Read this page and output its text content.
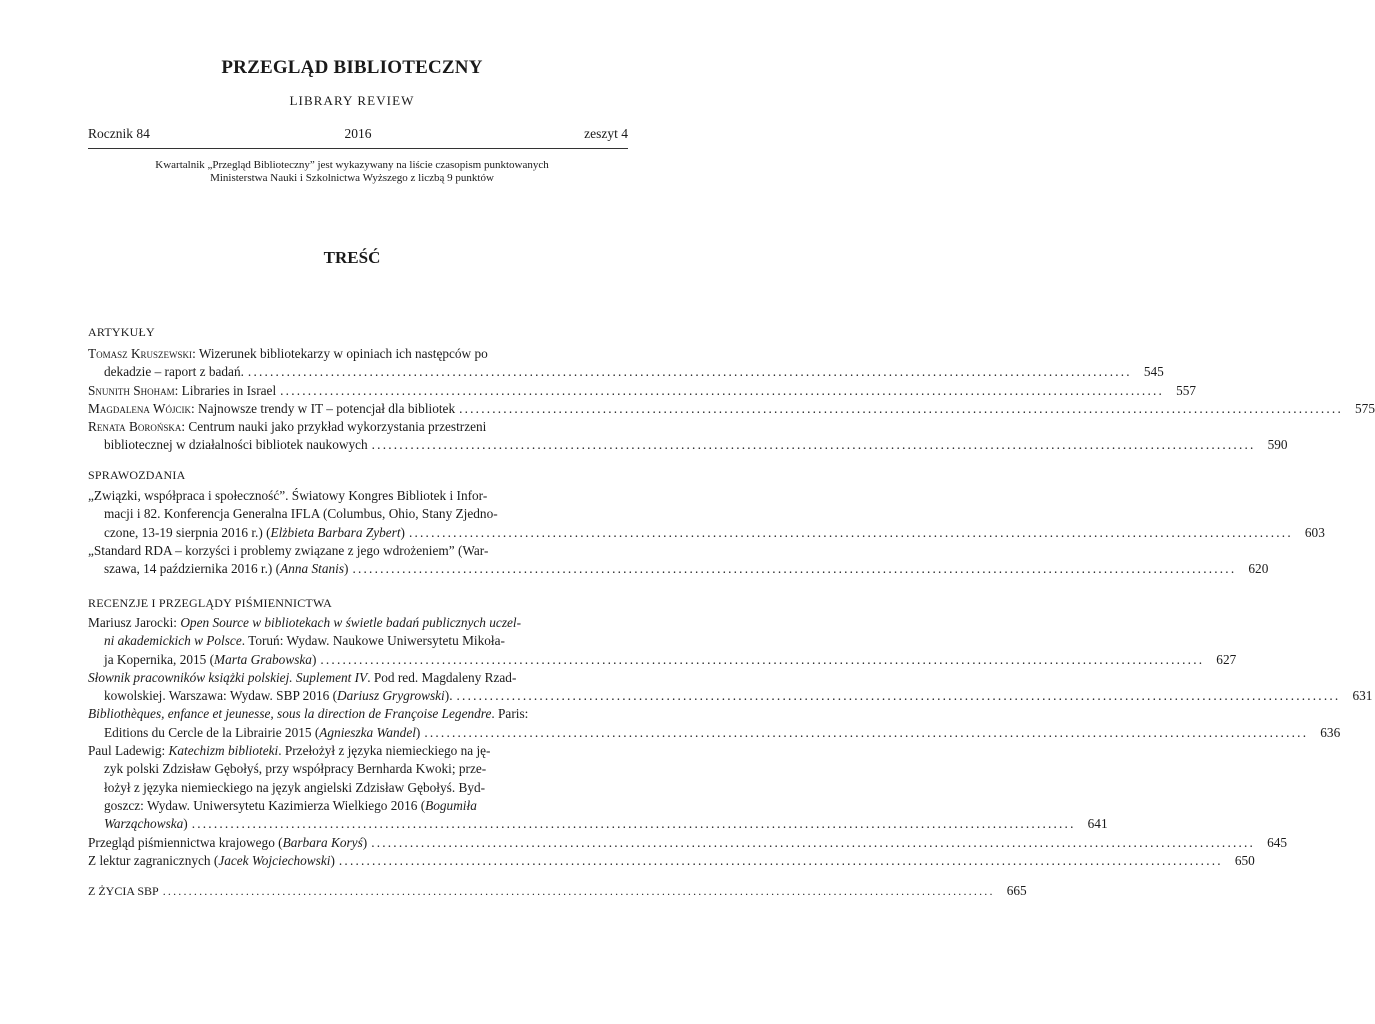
PRZEGLĄD BIBLIOTECZNY
LIBRARY REVIEW
Rocznik 84	2016	zeszyt 4
Kwartalnik „Przegląd Biblioteczny” jest wykazywany na liście czasopism punktowanych
Ministerstwa Nauki i Szkolnictwa Wyższego z liczbą 9 punktów
TREŚĆ
ARTYKUŁY
Tomasz Kruszewski: Wizerunek bibliotekarzy w opiniach ich następców po
dekadzie – raport z badań. ................................................................................................................................................................ 545
Snunith Shoham: Libraries in Israel ................................................................................................................................................................ 557
Magdalena Wójcik: Najnowsze trendy w IT – potencjał dla bibliotek ................................................................................................................................................................ 575
Renata Borońska: Centrum nauki jako przykład wykorzystania przestrzeni
bibliotecznej w działalności bibliotek naukowych ................................................................................................................................................................ 590
SPRAWOZDANIA
„Związki, współpraca i społeczność”. Światowy Kongres Bibliotek i Infor-
macji i 82. Konferencja Generalna IFLA (Columbus, Ohio, Stany Zjedno-
czone, 13-19 sierpnia 2016 r.) (Elżbieta Barbara Zybert) ................................................................................................................................................................ 603
„Standard RDA – korzyści i problemy związane z jego wdrożeniem” (War-
szawa, 14 października 2016 r.) (Anna Stanis) ................................................................................................................................................................ 620
RECENZJE I PRZEGLĄDY PIŚMIENNICTWA
Mariusz Jarocki: Open Source w bibliotekach w świetle badań publicznych uczel-
ni akademickich w Polsce. Toruń: Wydaw. Naukowe Uniwersytetu Mikoła-
ja Kopernika, 2015 (Marta Grabowska) ................................................................................................................................................................ 627
Słownik pracowników książki polskiej. Suplement IV. Pod red. Magdaleny Rzad-
kowolskiej. Warszawa: Wydaw. SBP 2016 (Dariusz Grygrowski). ................................................................................................................................................................ 631
Bibliothèques, enfance et jeunesse, sous la direction de Françoise Legendre. Paris:
Editions du Cercle de la Librairie 2015 (Agnieszka Wandel) ................................................................................................................................................................ 636
Paul Ladewig: Katechizm biblioteki. Przełożył z języka niemieckiego na ję-
zyk polski Zdzisław Gębołyś, przy współpracy Bernharda Kwoki; prze-
łożył z języka niemieckiego na język angielski Zdzisław Gębołyś. Byd-
goszcz: Wydaw. Uniwersytetu Kazimierza Wielkiego 2016 (Bogumiła
Warząchowska) ................................................................................................................................................................ 641
Przegląd piśmiennictwa krajowego (Barbara Koryś) ................................................................................................................................................................ 645
Z lektur zagranicznych (Jacek Wojciechowski) ................................................................................................................................................................ 650
Z ŻYCIA SBP ................................................................................................................................................................ 665
